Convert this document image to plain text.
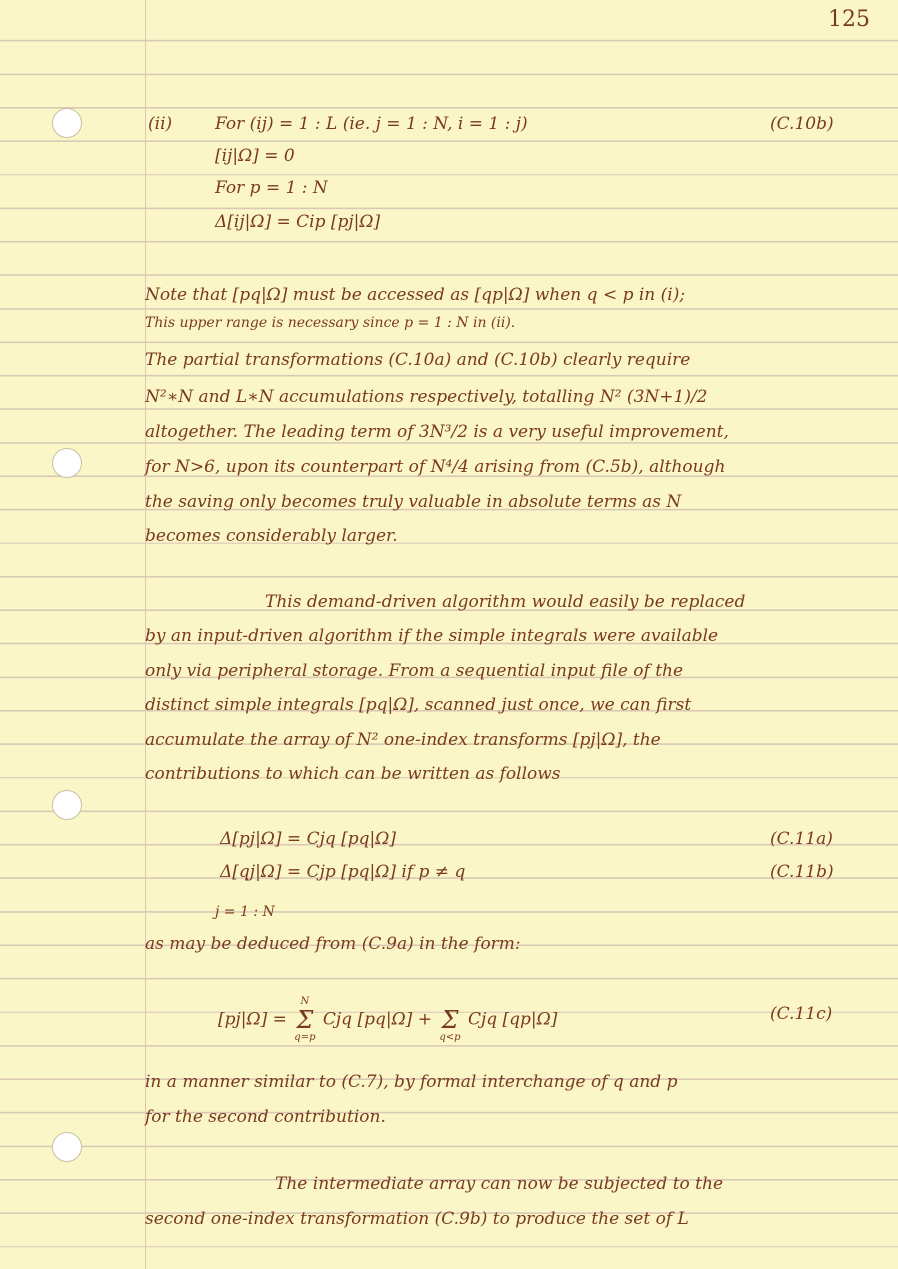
125
(ii)	For (ij) = 1 : L (ie. j = 1 : N, i = 1 : j)	(C.10b)
[ij|Ω] = 0
For p = 1 : N
Δ[ij|Ω] = Cip [pj|Ω]
Note that [pq|Ω] must be accessed as [qp|Ω] when q < p in (i);
This upper range is necessary since p = 1 : N in (ii).
The partial transformations (C.10a) and (C.10b) clearly require
N²∗N and L∗N accumulations respectively, totalling N² (3N+1)/2
altogether. The leading term of 3N³/2 is a very useful improvement,
for N>6, upon its counterpart of N⁴/4 arising from (C.5b), although
the saving only becomes truly valuable in absolute terms as N
becomes considerably larger.
This demand-driven algorithm would easily be replaced
by an input-driven algorithm if the simple integrals were available
only via peripheral storage. From a sequential input file of the
distinct simple integrals [pq|Ω], scanned just once, we can first
accumulate the array of N² one-index transforms [pj|Ω], the
contributions to which can be written as follows
Δ[pj|Ω] = Cjq [pq|Ω]	(C.11a)
Δ[qj|Ω] = Cjp [pq|Ω] if p ≠ q	(C.11b)
j = 1 : N
as may be deduced from (C.9a) in the form:
[pj|Ω] =
N
Σ
q=p
Cjq [pq|Ω] +
Σ
q<p
Cjq [qp|Ω]	(C.11c)
in a manner similar to (C.7), by formal interchange of q and p
for the second contribution.
The intermediate array can now be subjected to the
second one-index transformation (C.9b) to produce the set of L
